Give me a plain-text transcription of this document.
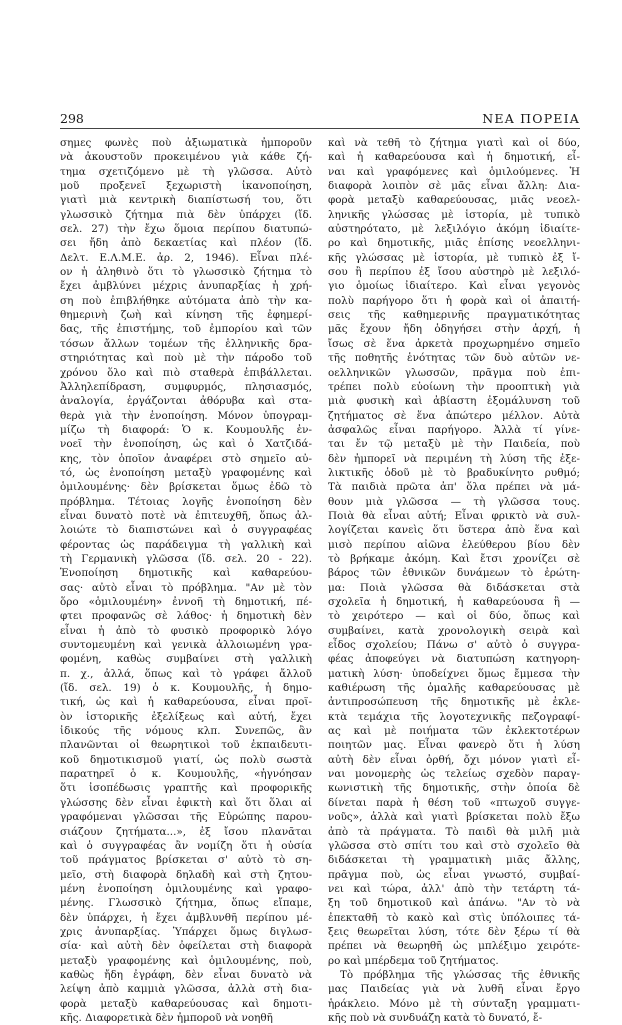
298	ΝΕΑ ΠΟΡΕΙΑ
σημες φωνὲς ποὺ ἀξιωματικὰ ἠμποροῦν
νὰ ἀκουστοῦν προκειμένου γιὰ κάθε ζή-
τημα σχετιζόμενο μὲ τὴ γλῶσσα. Αὐτὸ
μοῦ προξενεῖ ξεχωριστὴ ἱκανοποίηση,
γιατὶ μιὰ κεντρικὴ διαπίστωσή του, ὅτι
γλωσσικὸ ζήτημα πιὰ δὲν ὑπάρχει (ἴδ.
σελ. 27) τὴν ἔχω ὅμοια περίπου διατυπώ-
σει ἤδη ἀπὸ δεκαετίας καὶ πλέον (ἴδ.
Δελτ. Ε.Λ.Μ.Ε. ἀρ. 2, 1946). Εἶναι πλέ-
ον ἡ ἀληθινὸ ὅτι τὸ γλωσσικὸ ζήτημα τὸ
ἔχει ἀμβλύνει μέχρις ἀνυπαρξίας ἡ χρή-
ση ποὺ ἐπιβλήθηκε αὐτόματα ἀπὸ τὴν κα-
θημερινὴ ζωὴ καὶ κίνηση τῆς ἐφημερί-
δας, τῆς ἐπιστήμης, τοῦ ἐμπορίου καὶ τῶν
τόσων ἄλλων τομέων τῆς ἑλληνικῆς δρα-
στηριότητας καὶ ποὺ μὲ τὴν πάροδο τοῦ
χρόνου ὅλο καὶ πιὸ σταθερὰ ἐπιβάλλεται.
Ἀλληλεπίδραση, συμφυρμός, πλησιασμός,
ἀναλογία, ἐργάζονται ἀθόρυβα καὶ στα-
θερὰ γιὰ τὴν ἑνοποίηση. Μόνον ὑπογραμ-
μίζω τὴ διαφορά: Ὁ κ. Κουμουλῆς ἐν-
νοεῖ τὴν ἑνοποίηση, ὡς καὶ ὁ Χατζιδά-
κης, τὸν ὁποῖον ἀναφέρει στὸ σημεῖο αὐ-
τό, ὡς ἑνοποίηση μεταξὺ γραφομένης καὶ
ὁμιλουμένης· δὲν βρίσκεται ὅμως ἐδῶ τὸ
πρόβλημα. Τέτοιας λογῆς ἑνοποίηση δὲν
εἶναι δυνατὸ ποτὲ νὰ ἐπιτευχθῆ, ὅπως ἀλ-
λοιώτε τὸ διαπιστώνει καὶ ὁ συγγραφέας
φέροντας ὡς παράδειγμα τὴ γαλλικὴ καὶ
τὴ Γερμανικὴ γλῶσσα (ἴδ. σελ. 20 - 22).
Ἑνοποίηση δημοτικῆς καὶ καθαρεύου-
σας· αὐτὸ εἶναι τὸ πρόβλημα. "Αν μὲ τὸν
ὅρο «ὁμιλουμένη» ἐννοῆ τὴ δημοτική, πέ-
φτει προφανῶς σὲ λάθος· ἡ δημοτικὴ δὲν
εἶναι ἡ ἀπὸ τὸ φυσικὸ προφορικὸ λόγο
συντομευμένη καὶ γενικὰ ἀλλοιωμένη γρα-
φομένη, καθὼς συμβαίνει στὴ γαλλικὴ
π. χ., ἀλλά, ὅπως καὶ τὸ γράφει ἄλλοῦ
(ἴδ. σελ. 19) ὁ κ. Κουμουλῆς, ἡ δημο-
τική, ὡς καὶ ἡ καθαρεύουσα, εἶναι προϊ-
ὸν ἱστορικῆς ἐξελίξεως καὶ αὐτή, ἔχει
ἰδικούς τῆς νόμους κλπ. Συνεπῶς, ἂν
πλανῶνται οἱ θεωρητικοὶ τοῦ ἐκπαιδευτι-
κοῦ δημοτικισμοῦ γιατί, ὡς πολὺ σωστὰ
παρατηρεῖ ὁ κ. Κουμουλῆς, «ἠγνόησαν
ὅτι ἰσοπέδωσις γραπτῆς καὶ προφορικῆς
γλώσσης δὲν εἶναι ἐφικτὴ καὶ ὅτι ὅλαι αἱ
γραφόμεναι γλῶσσαι τῆς Εὐρώπης παρου-
σιάζουν ζητήματα...», ἐξ ἴσου πλανᾶται
καὶ ὁ συγγραφέας ἂν νομίζη ὅτι ἡ οὐσία
τοῦ πράγματος βρίσκεται σ' αὐτὸ τὸ ση-
μεῖο, στὴ διαφορὰ δηλαδὴ καὶ στὴ ζητου-
μένη ἑνοποίηση ὁμιλουμένης καὶ γραφο-
μένης. Γλωσσικὸ ζήτημα, ὅπως εἴπαμε,
δὲν ὑπάρχει, ἡ ἔχει ἀμβλυνθῆ περίπου μέ-
χρις ἀνυπαρξίας. Ὑπάρχει ὅμως διγλωσ-
σία· καὶ αὐτὴ δὲν ὀφείλεται στὴ διαφορὰ
μεταξὺ γραφομένης καὶ ὁμιλουμένης, ποὺ,
καθὼς ἤδη ἐγράφη, δὲν εἶναι δυνατὸ νὰ
λείψη ἀπὸ καμμιὰ γλῶσσα, ἀλλὰ στὴ δια-
φορὰ μεταξὺ καθαρεύουσας καὶ δημοτι-
κῆς. Διαφορετικὰ δὲν ἠμποροῦ νὰ νοηθῆ
καὶ νὰ τεθῆ τὸ ζήτημα γιατὶ καὶ οἱ δύο,
καὶ ἡ καθαρεύουσα καὶ ἡ δημοτική, εἶ-
ναι καὶ γραφόμενες καὶ ὁμιλούμενες. Ἡ
διαφορὰ λοιπὸν σὲ μᾶς εἶναι ἄλλη: Δια-
φορὰ μεταξὺ καθαρεύουσας, μιᾶς νεοελ-
ληνικῆς γλώσσας μὲ ἱστορία, μὲ τυπικὸ
αὐστηρότατο, μὲ λεξιλόγιο ἀκόμη ἰδιαίτε-
ρο καὶ δημοτικῆς, μιᾶς ἐπίσης νεοελληνι-
κῆς γλώσσας μὲ ἱστορία, μὲ τυπικὸ ἐξ ἴ-
σου ἢ περίπου ἐξ ἴσου αὐστηρὸ μὲ λεξιλό-
γιο ὁμοίως ἰδιαίτερο. Καὶ εἶναι γεγονὸς
πολὺ παρήγορο ὅτι ἡ φορὰ καὶ οἱ ἀπαιτή-
σεις τῆς καθημερινῆς πραγματικότητας
μᾶς ἔχουν ἤδη ὁδηγήσει στὴν ἀρχή, ἡ
ἴσως σὲ ἕνα ἀρκετὰ προχωρημένο σημεῖο
τῆς ποθητῆς ἑνότητας τῶν δυὸ αὐτῶν νε-
οελληνικῶν γλωσσῶν, πρᾶγμα ποὺ ἐπι-
τρέπει πολὺ εὐοίωνη τὴν προοπτικὴ γιὰ
μιὰ φυσικὴ καὶ ἀβίαστη ἐξομάλυνση τοῦ
ζητήματος σὲ ἕνα ἀπώτερο μέλλον. Αὐτὰ
ἀσφαλῶς εἶναι παρήγορο. Ἀλλὰ τί γίνε-
ται ἔν τῷ μεταξὺ μὲ τὴν Παιδεία, ποὺ
δὲν ἠμπορεῖ νὰ περιμένη τὴ λύση τῆς ἐξε-
λικτικῆς ὁδοῦ μὲ τὸ βραδυκίνητο ρυθμό;
Τὰ παιδιὰ πρῶτα ἀπ' ὅλα πρέπει νὰ μά-
θουν μιὰ γλῶσσα — τὴ γλῶσσα τους.
Ποιὰ θὰ εἶναι αὐτή; Εἶναι φρικτὸ νὰ συλ-
λογίζεται κανεὶς ὅτι ὕστερα ἀπὸ ἕνα καὶ
μισὸ περίπου αἰῶνα ἐλεύθερου βίου δὲν
τὸ βρήκαμε ἀκόμη. Καὶ ἔτσι χρονίζει σὲ
βάρος τῶν ἐθνικῶν δυνάμεων τὸ ἐρώτη-
μα: Ποιὰ γλῶσσα θὰ διδάσκεται στὰ
σχολεῖα ἡ δημοτική, ἡ καθαρεύουσα ἢ —
τὸ χειρότερο — καὶ οἱ δύο, ὅπως καὶ
συμβαίνει, κατὰ χρονολογικὴ σειρὰ καὶ
εἶδος σχολείου; Πάνω σ' αὐτὸ ὁ συγγρα-
φέας ἀποφεύγει νὰ διατυπώση κατηγορη-
ματικὴ λύση· ὑποδείχνει ὅμως ἔμμεσα τὴν
καθιέρωση τῆς ὁμαλῆς καθαρεύουσας μὲ
ἀντιπροσώπευση τῆς δημοτικῆς μὲ ἐκλε-
κτὰ τεμάχια τῆς λογοτεχνικῆς πεζογραφί-
ας καὶ μὲ ποιήματα τῶν ἐκλεκτοτέρων
ποιητῶν μας. Εἶναι φανερὸ ὅτι ἡ λύση
αὐτὴ δὲν εἶναι ὀρθή, ὄχι μόνον γιατὶ εἶ-
ναι μονομερὴς ὡς τελείως σχεδὸν παραγ-
κωνιστικὴ τῆς δημοτικῆς, στὴν ὁποία δὲ
δίνεται παρὰ ἡ θέση τοῦ «πτωχοῦ συγγε-
νοῦς», ἀλλὰ καὶ γιατὶ βρίσκεται πολὺ ἔξω
ἀπὸ τὰ πράγματα. Τὸ παιδὶ θὰ μιλῆ μιὰ
γλῶσσα στὸ σπίτι του καὶ στὸ σχολεῖο θὰ
διδάσκεται τὴ γραμματικὴ μιᾶς ἄλλης,
πρᾶγμα ποὺ, ὡς εἶναι γνωστό, συμβαί-
νει καὶ τώρα, ἀλλ' ἀπὸ τὴν τετάρτη τά-
ξη τοῦ δημοτικοῦ καὶ ἀπάνω. "Αν τὸ νὰ
ἐπεκταθῆ τὸ κακὸ καὶ στὶς ὑπόλοιπες τά-
ξεις θεωρεῖται λύση, τότε δὲν ξέρω τί θὰ
πρέπει νὰ θεωρηθῆ ὡς μπλέξιμο χειρότε-
ρο καὶ μπέρδεμα τοῦ ζητήματος.
Τὸ πρόβλημα τῆς γλώσσας τῆς ἐθνικῆς
μας Παιδείας γιὰ νὰ λυθῆ εἶναι ἔργο
ἡράκλειο. Μόνο μὲ τὴ σύνταξη γραμματι-
κῆς ποὺ νὰ συνδυάζη κατὰ τὸ δυνατό, ἔ-
